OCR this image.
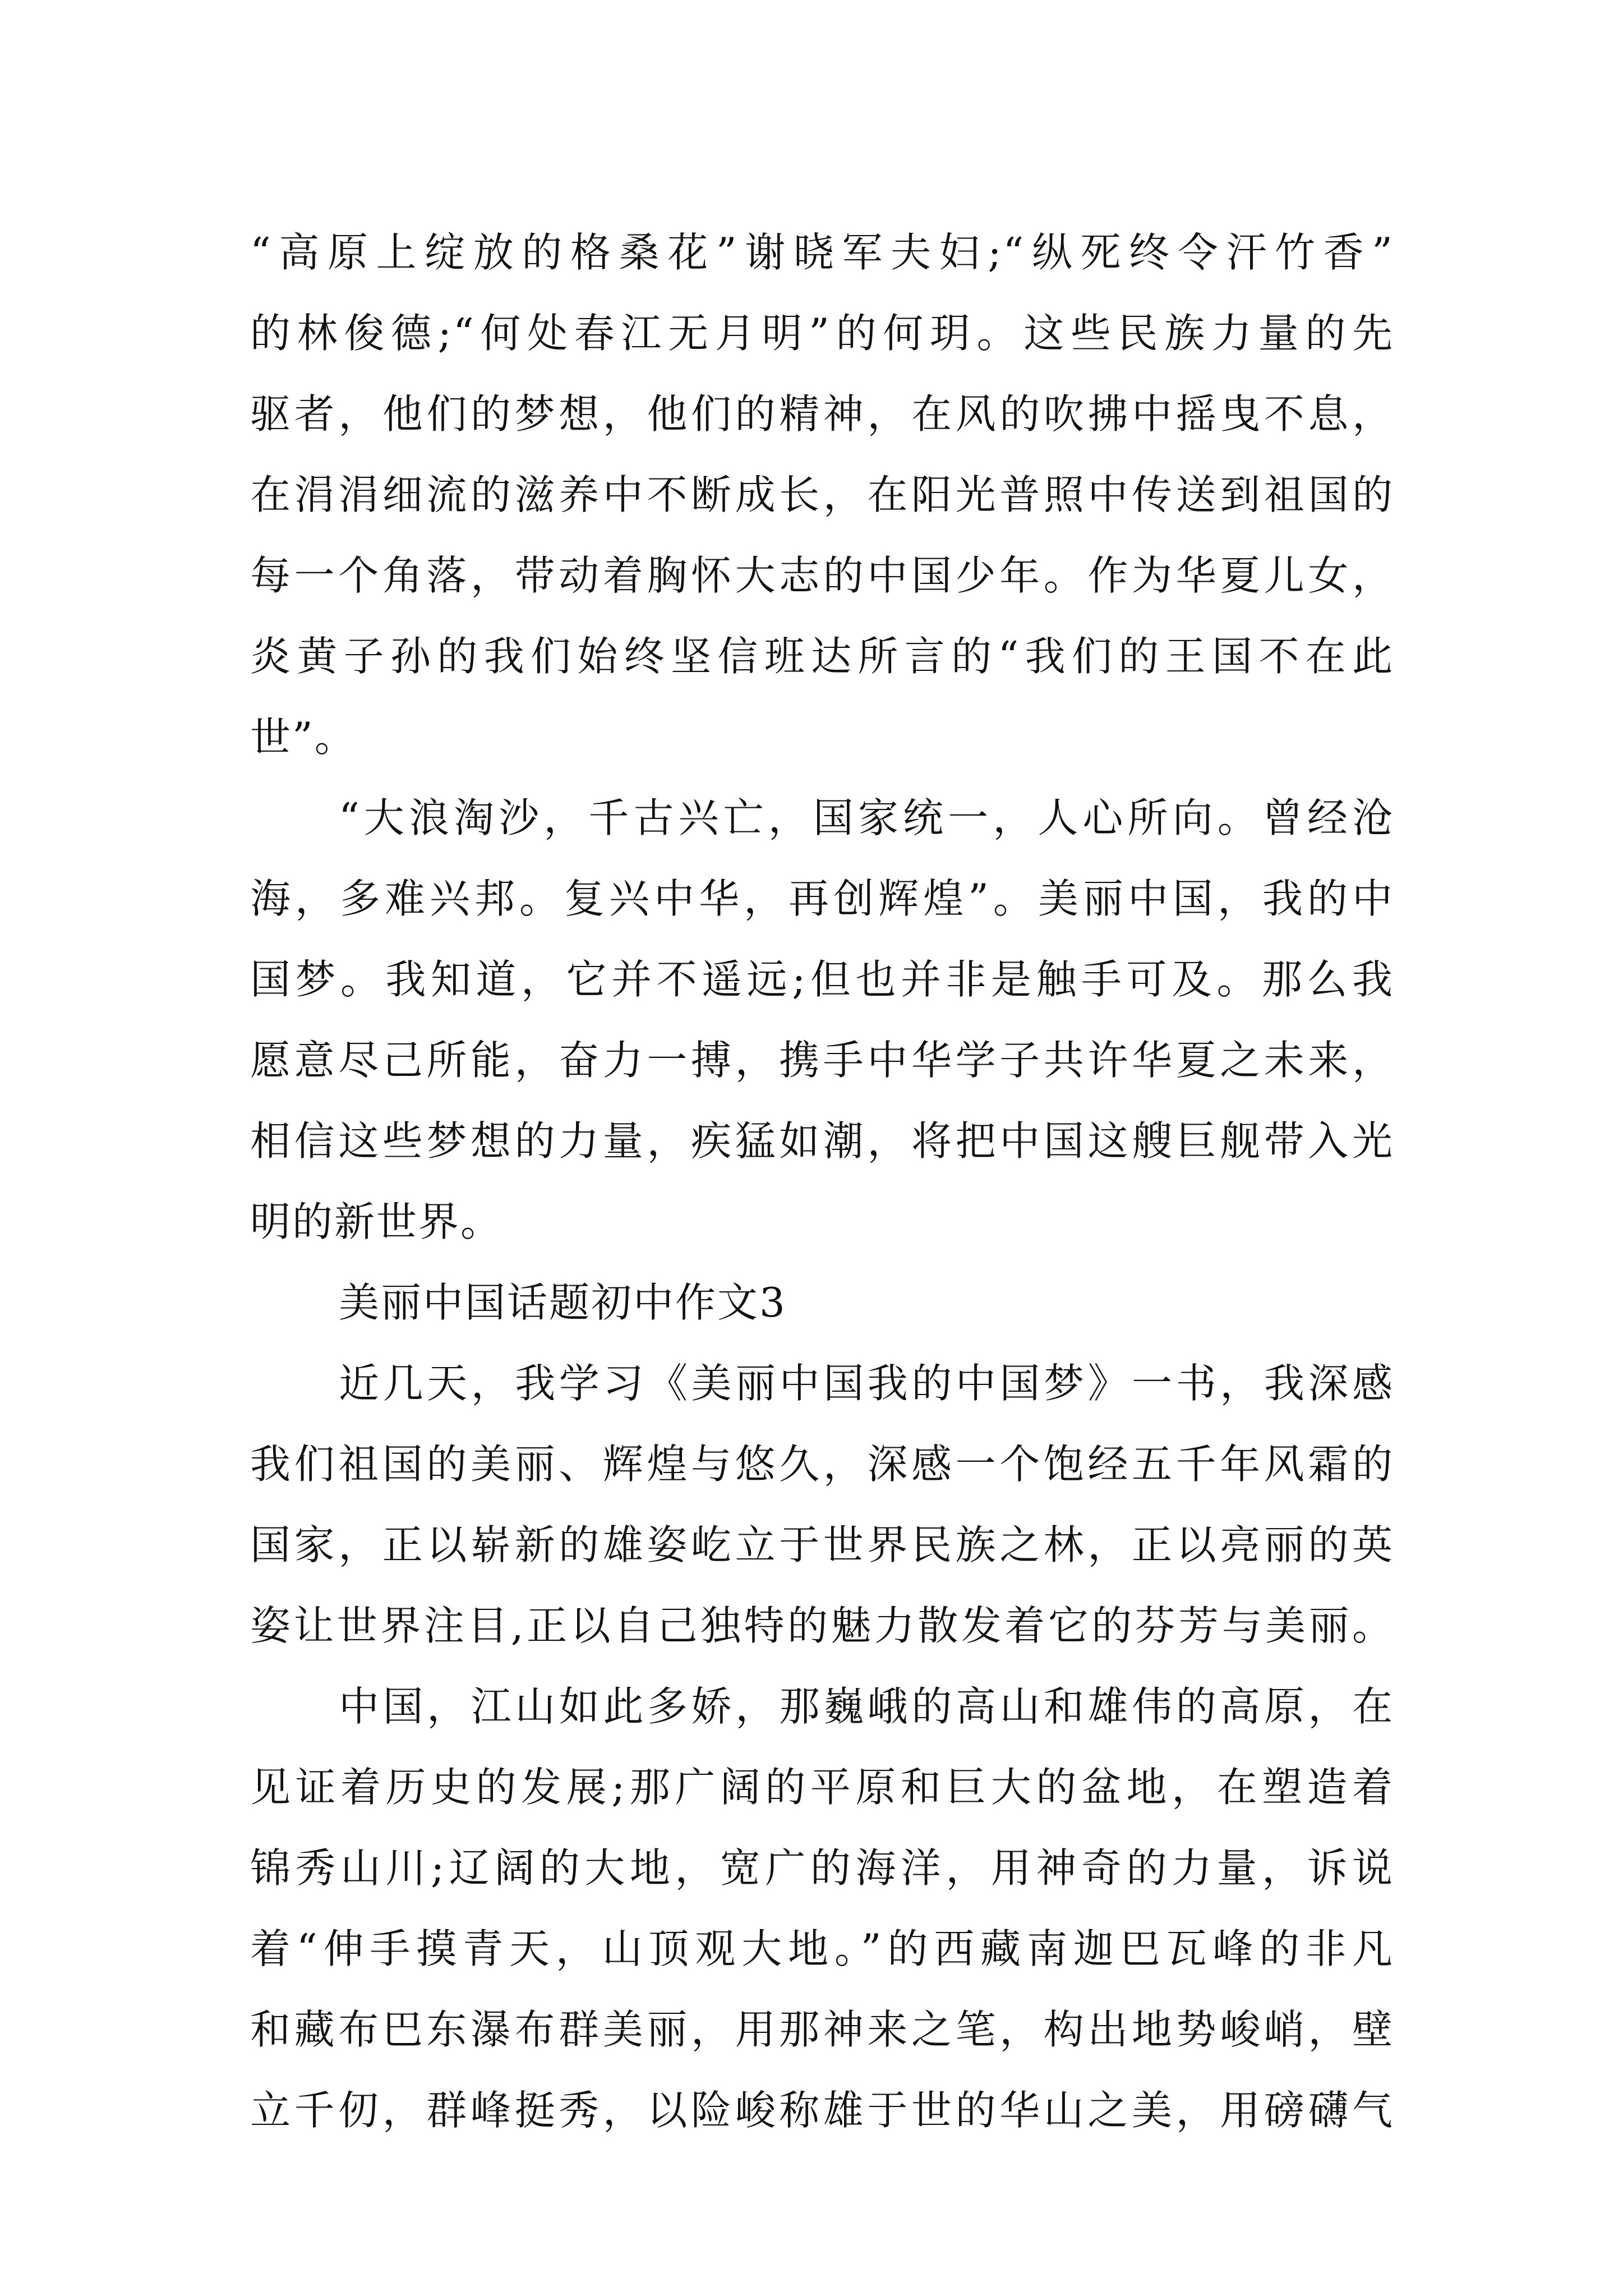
“高原上绽放的格桑花”谢晓军夫妇;“纵死终令汗竹香”
的林俊德;“何处春江无月明”的何玥。这些民族力量的先
驱者，他们的梦想，他们的精神，在风的吹拂中摇曳不息，
在涓涓细流的滋养中不断成长，在阳光普照中传送到祖国的
每一个角落，带动着胸怀大志的中国少年。作为华夏儿女，
炎黄子孙的我们始终坚信班达所言的“我们的王国不在此
世”。
“大浪淘沙，千古兴亡，国家统一，人心所向。曾经沧
海，多难兴邦。复兴中华，再创辉煌”。美丽中国，我的中
国梦。我知道，它并不遥远;但也并非是触手可及。那么我
愿意尽己所能，奋力一搏，携手中华学子共许华夏之未来，
相信这些梦想的力量，疾猛如潮，将把中国这艘巨舰带入光
明的新世界。
美丽中国话题初中作文3
近几天，我学习《美丽中国我的中国梦》一书，我深感
我们祖国的美丽、辉煌与悠久，深感一个饱经五千年风霜的
国家，正以崭新的雄姿屹立于世界民族之林，正以亮丽的英
姿让世界注目,正以自己独特的魅力散发着它的芬芳与美丽。
中国，江山如此多娇，那巍峨的高山和雄伟的高原，在
见证着历史的发展;那广阔的平原和巨大的盆地，在塑造着
锦秀山川;辽阔的大地，宽广的海洋，用神奇的力量，诉说
着“伸手摸青天，山顶观大地。”的西藏南迦巴瓦峰的非凡
和藏布巴东瀑布群美丽，用那神来之笔，构出地势峻峭，壁
立千仞，群峰挺秀，以险峻称雄于世的华山之美，用磅礴气
